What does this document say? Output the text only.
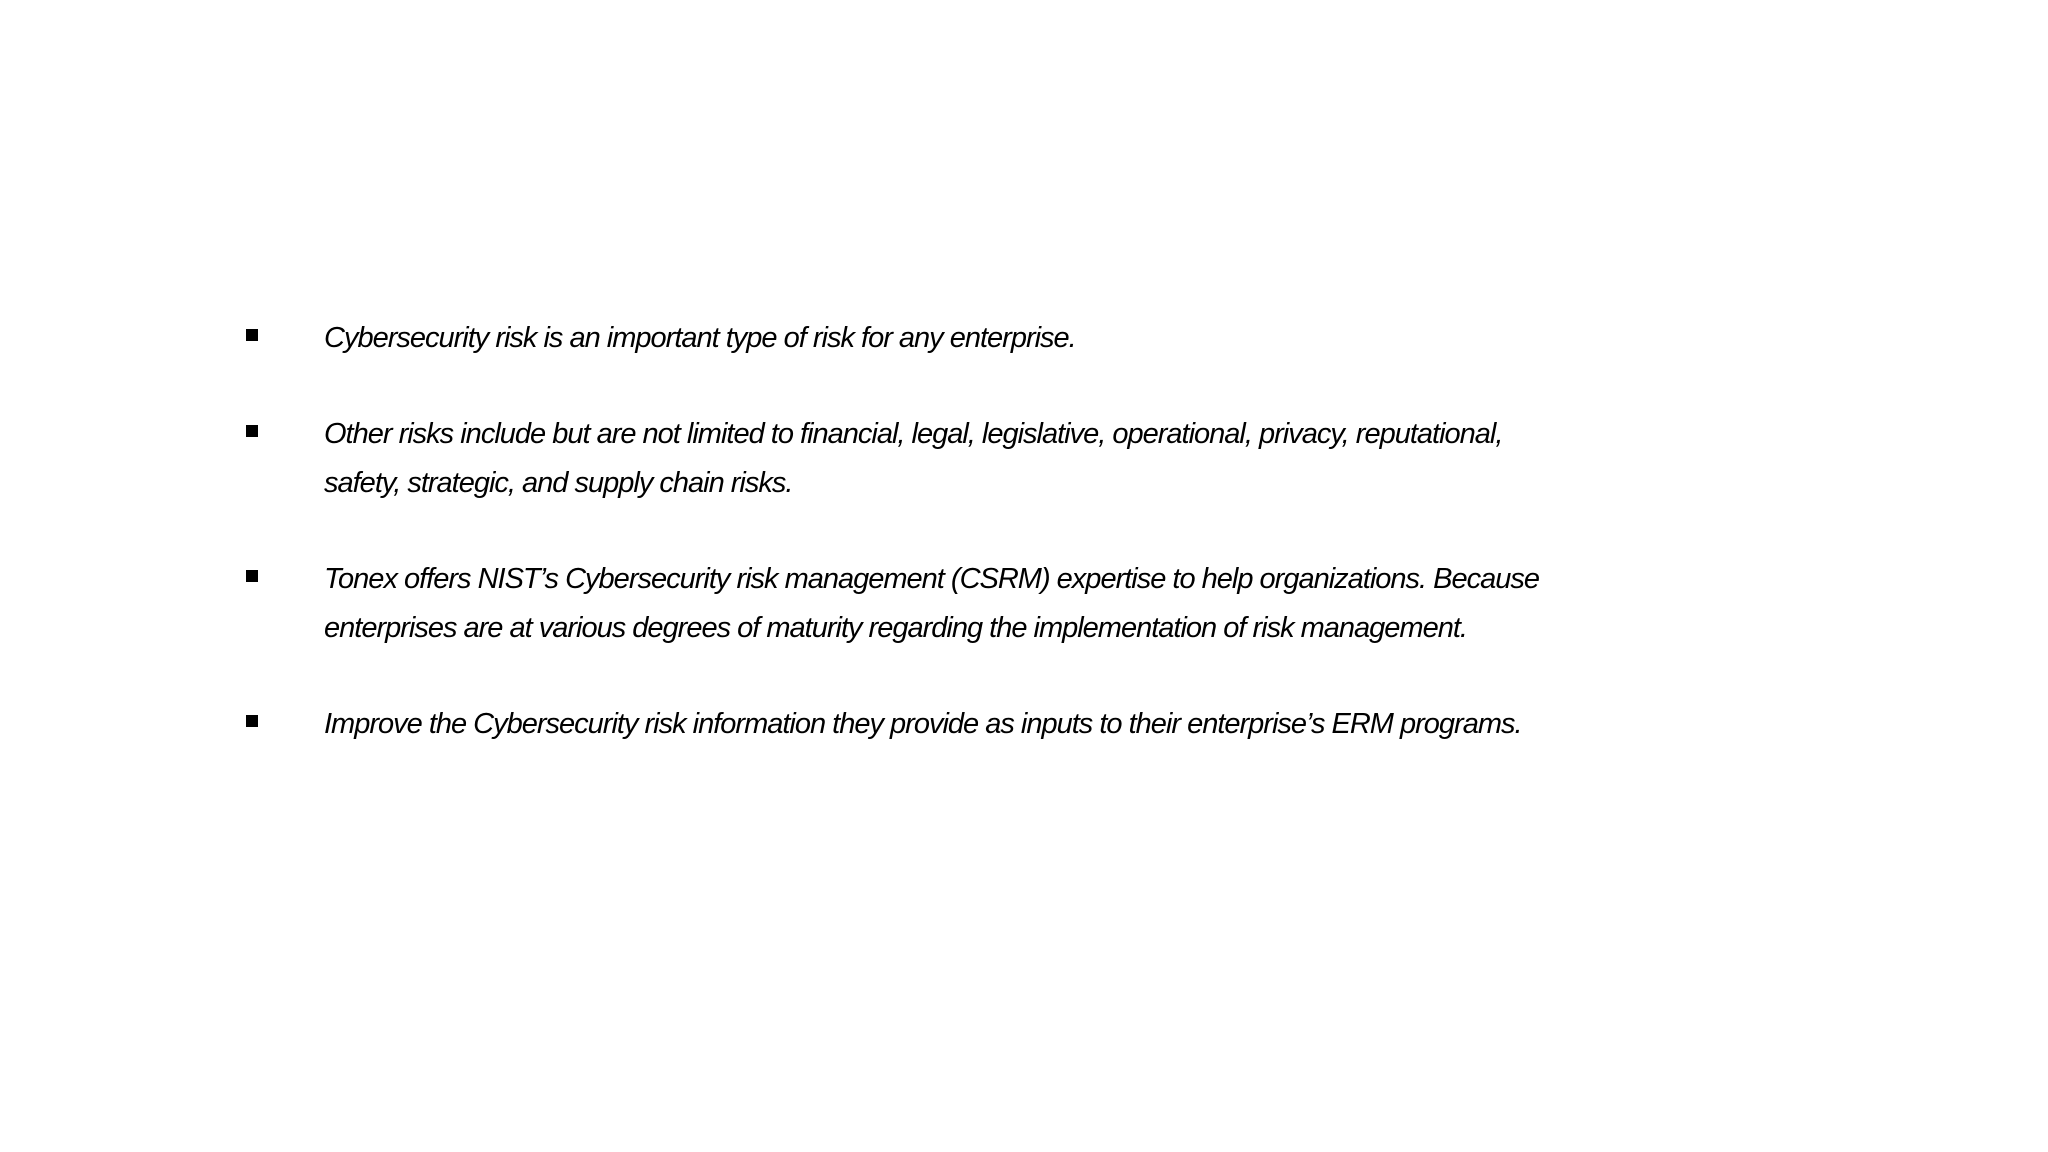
Cybersecurity risk is an important type of risk for any enterprise.
Other risks include but are not limited to financial, legal, legislative, operational, privacy, reputational, safety, strategic, and supply chain risks.
Tonex offers NIST’s Cybersecurity risk management (CSRM) expertise to help organizations. Because enterprises are at various degrees of maturity regarding the implementation of risk management.
Improve the Cybersecurity risk information they provide as inputs to their enterprise’s ERM programs.
